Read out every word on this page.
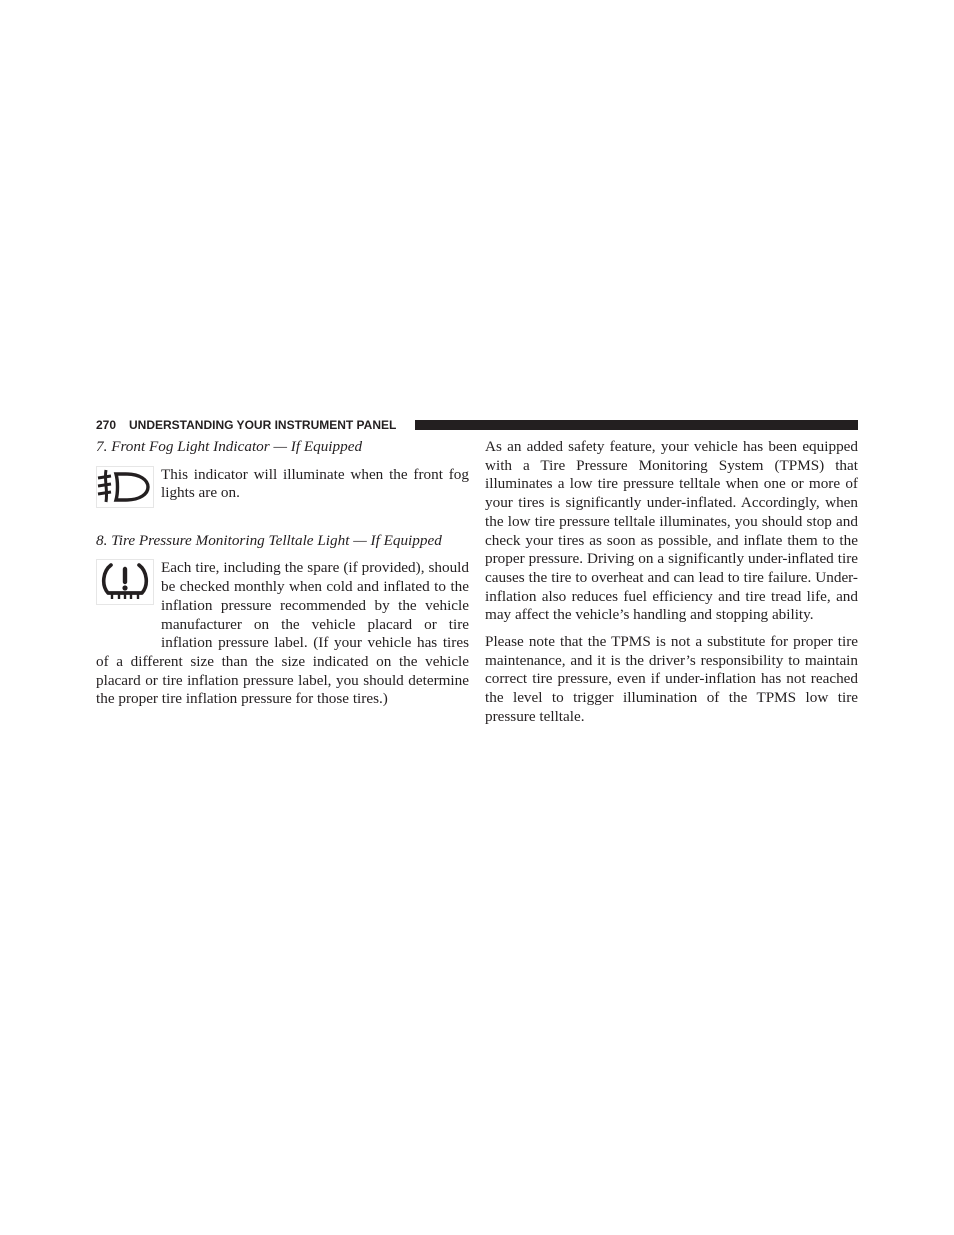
270 UNDERSTANDING YOUR INSTRUMENT PANEL

7. Front Fog Light Indicator — If Equipped

This indicator will illuminate when the front fog lights are on.

8. Tire Pressure Monitoring Telltale Light — If Equipped

Each tire, including the spare (if provided), should be checked monthly when cold and inflated to the inflation pressure recommended by the vehicle manufacturer on the vehicle placard or tire inflation pressure label. (If your vehicle has tires of a different size than the size indicated on the vehicle placard or tire inflation pressure label, you should determine the proper tire inflation pressure for those tires.)

As an added safety feature, your vehicle has been equipped with a Tire Pressure Monitoring System (TPMS) that illuminates a low tire pressure telltale when one or more of your tires is significantly under-inflated. Accordingly, when the low tire pressure telltale illuminates, you should stop and check your tires as soon as possible, and inflate them to the proper pressure. Driving on a significantly under-inflated tire causes the tire to overheat and can lead to tire failure. Under-inflation also reduces fuel efficiency and tire tread life, and may affect the vehicle’s handling and stopping ability.

Please note that the TPMS is not a substitute for proper tire maintenance, and it is the driver’s responsibility to maintain correct tire pressure, even if under-inflation has not reached the level to trigger illumination of the TPMS low tire pressure telltale.
